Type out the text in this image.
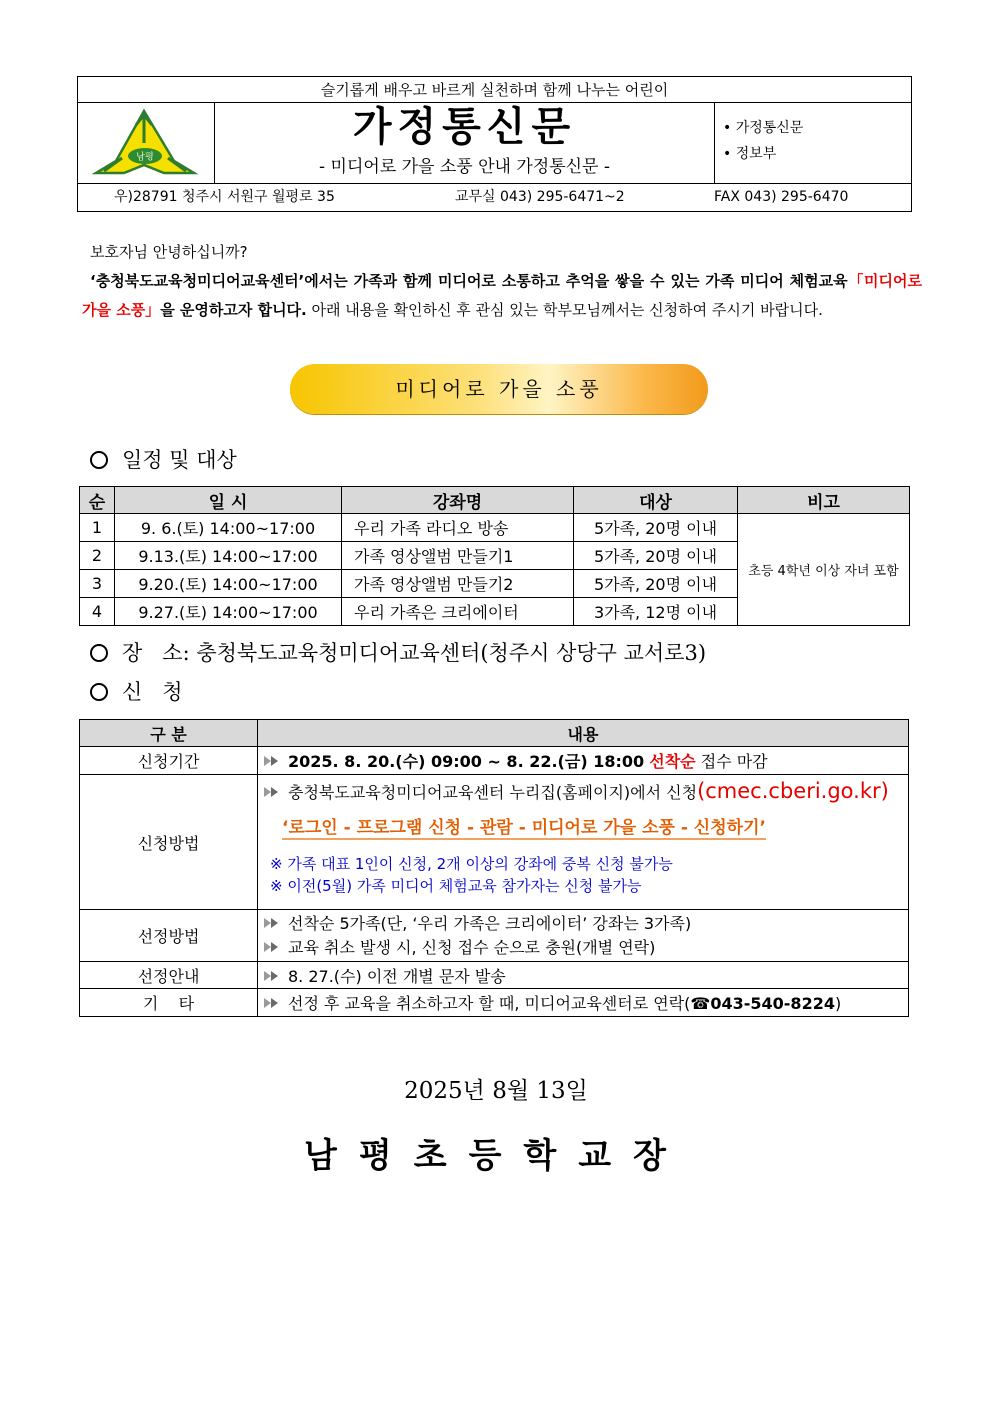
슬기롭게 배우고 바르게 실천하며 함께 나누는 어린이
남평
가정통신문
- 미디어로 가을 소풍 안내 가정통신문 -
• 가정통신문
• 정보부
우)28791 청주시 서원구 월평로 35	교무실 043) 295-6471~2	FAX 043) 295-6470
보호자님 안녕하십니까?
‘충청북도교육청미디어교육센터’에서는 가족과 함께 미디어로 소통하고 추억을 쌓을 수 있는 가족 미디어 체험교육「미디어로 가을 소풍」을 운영하고자 합니다. 아래 내용을 확인하신 후 관심 있는 학부모님께서는 신청하여 주시기 바랍니다.
미디어로 가을 소풍
일정 및 대상
순	일 시	강좌명	대상	비고
1	9. 6.(토) 14:00~17:00	우리 가족 라디오 방송	5가족, 20명 이내	초등 4학년 이상 자녀 포함
2	9.13.(토) 14:00~17:00	가족 영상앨범 만들기1	5가족, 20명 이내	
3	9.20.(토) 14:00~17:00	가족 영상앨범 만들기2	5가족, 20명 이내	
4	9.27.(토) 14:00~17:00	우리 가족은 크리에이터	3가족, 12명 이내	
장   소: 충청북도교육청미디어교육센터(청주시 상당구 교서로3)
신   청
구 분	내용
신청기간	2025. 8. 20.(수) 09:00 ~ 8. 22.(금) 18:00 선착순 접수 마감
신청방법	충청북도교육청미디어교육센터 누리집(홈페이지)에서 신청(cmec.cberi.go.kr)
‘로그인 - 프로그램 신청 - 관람 - 미디어로 가을 소풍 - 신청하기’
※ 가족 대표 1인이 신청, 2개 이상의 강좌에 중복 신청 불가능
※ 이전(5월) 가족 미디어 체험교육 참가자는 신청 불가능

선정방법	선착순 5가족(단, ‘우리 가족은 크리에이터’ 강좌는 3가족)
교육 취소 발생 시, 신청 접수 순으로 충원(개별 연락)

선정안내	8. 27.(수) 이전 개별 문자 발송
기    타	선정 후 교육을 취소하고자 할 때, 미디어교육센터로 연락(☎043-540-8224)
2025년 8월 13일
남평초등학교장
